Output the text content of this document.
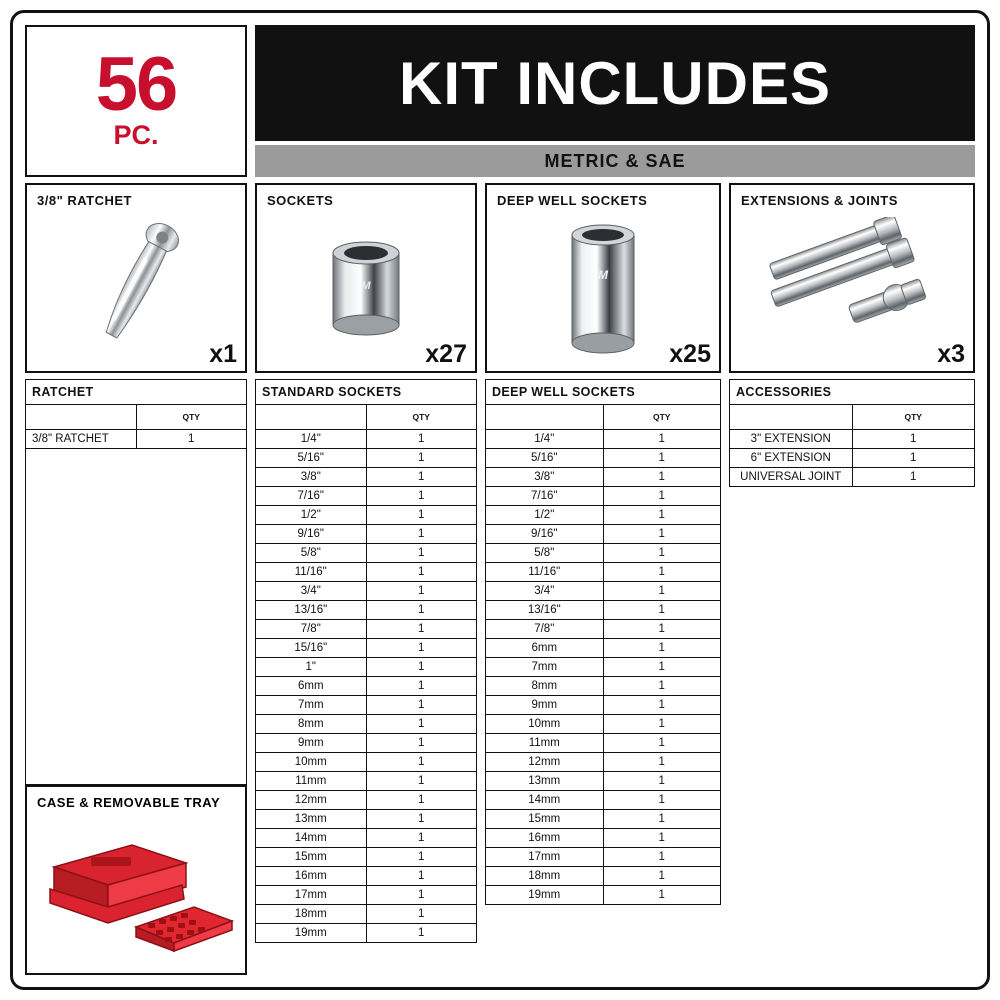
56
PC.
KIT INCLUDES
METRIC & SAE
3/8" RATCHET
x1
SOCKETS
M
x27
DEEP WELL SOCKETS
M
x25
EXTENSIONS & JOINTS
x3
RATCHET	
	QTY
3/8" RATCHET	1
CASE & REMOVABLE TRAY
STANDARD SOCKETS	
	QTY
1/4"	1
5/16"	1
3/8"	1
7/16"	1
1/2"	1
9/16"	1
5/8"	1
11/16"	1
3/4"	1
13/16"	1
7/8"	1
15/16"	1
1"	1
6mm	1
7mm	1
8mm	1
9mm	1
10mm	1
11mm	1
12mm	1
13mm	1
14mm	1
15mm	1
16mm	1
17mm	1
18mm	1
19mm	1
DEEP WELL SOCKETS	
	QTY
1/4"	1
5/16"	1
3/8"	1
7/16"	1
1/2"	1
9/16"	1
5/8"	1
11/16"	1
3/4"	1
13/16"	1
7/8"	1
6mm	1
7mm	1
8mm	1
9mm	1
10mm	1
11mm	1
12mm	1
13mm	1
14mm	1
15mm	1
16mm	1
17mm	1
18mm	1
19mm	1
ACCESSORIES	
	QTY
3" EXTENSION	1
6" EXTENSION	1
UNIVERSAL JOINT	1
